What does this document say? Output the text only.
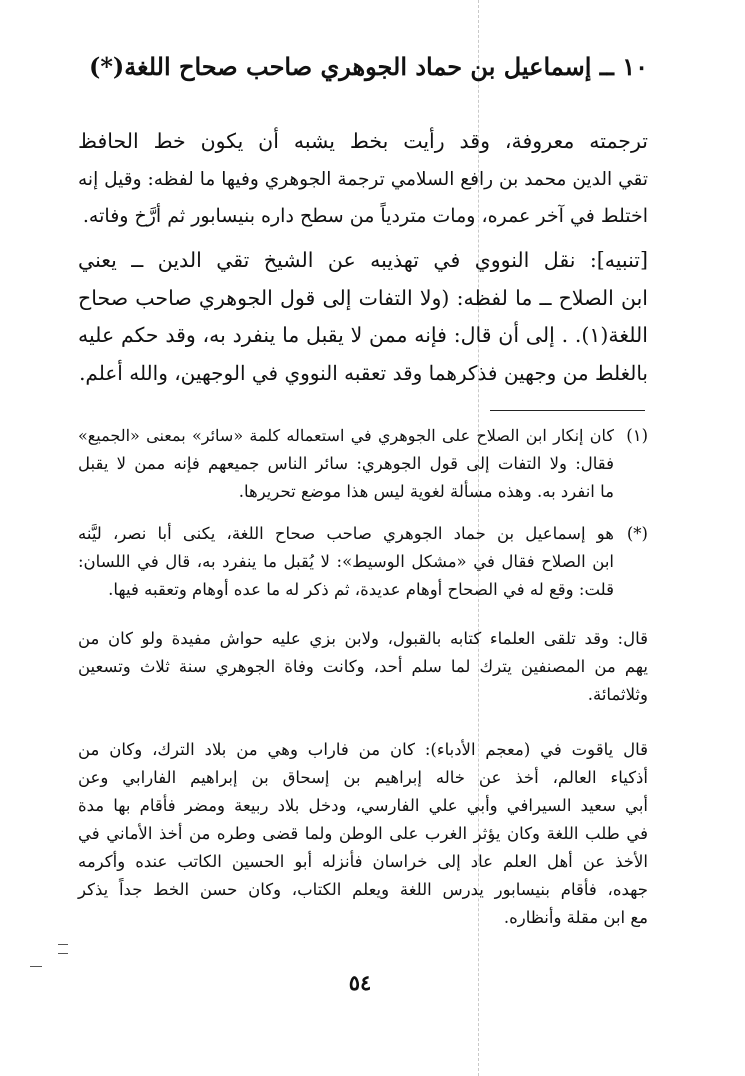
١٠ ــ إسماعيل بن حماد الجوهري صاحب صحاح اللغة(*)
ترجمته معروفة، وقد رأيت بخط يشبه أن يكون خط الحافظ
تقي الدين محمد بن رافع السلامي ترجمة الجوهري وفيها ما لفظه: وقيل إنه
اختلط في آخر عمره، ومات متردياً من سطح داره بنيسابور ثم أرَّخ وفاته.
[تنبيه]: نقل النووي في تهذيبه عن الشيخ تقي الدين ــ يعني
ابن الصلاح ــ ما لفظه: (ولا التفات إلى قول الجوهري صاحب صحاح
اللغة(١). . إلى أن قال: فإنه ممن لا يقبل ما ينفرد به، وقد حكم عليه
بالغلط من وجهين فذكرهما وقد تعقبه النووي في الوجهين، والله أعلم.
(١)
كان إنكار ابن الصلاح على الجوهري في استعماله كلمة «سائر» بمعنى «الجميع»
فقال: ولا التفات إلى قول الجوهري: سائر الناس جميعهم فإنه ممن لا يقبل
ما انفرد به. وهذه مسألة لغوية ليس هذا موضع تحريرها.
(*)
هو إسماعيل بن حماد الجوهري صاحب صحاح اللغة، يكنى أبا نصر، ليَّنه
ابن الصلاح فقال في «مشكل الوسيط»: لا يُقبل ما ينفرد به، قال في اللسان:
قلت: وقع له في الصحاح أوهام عديدة، ثم ذكر له ما عده أوهام وتعقبه فيها.
قال: وقد تلقى العلماء كتابه بالقبول، ولابن بزي عليه حواش مفيدة ولو كان من
يهم من المصنفين يترك لما سلم أحد، وكانت وفاة الجوهري سنة ثلاث وتسعين
وثلاثمائة.
قال ياقوت في (معجم الأدباء): كان من فاراب وهي من بلاد الترك، وكان من
أذكياء العالم، أخذ عن خاله إبراهيم بن إسحاق بن إبراهيم الفارابي وعن
أبي سعيد السيرافي وأبي علي الفارسي، ودخل بلاد ربيعة ومضر فأقام بها مدة
في طلب اللغة وكان يؤثر الغرب على الوطن ولما قضى وطره من أخذ الأماني في
الأخذ عن أهل العلم عاد إلى خراسان فأنزله أبو الحسين الكاتب عنده وأكرمه
جهده، فأقام بنيسابور يدرس اللغة ويعلم الكتاب، وكان حسن الخط جداً يذكر
مع ابن مقلة وأنظاره.
٥٤
